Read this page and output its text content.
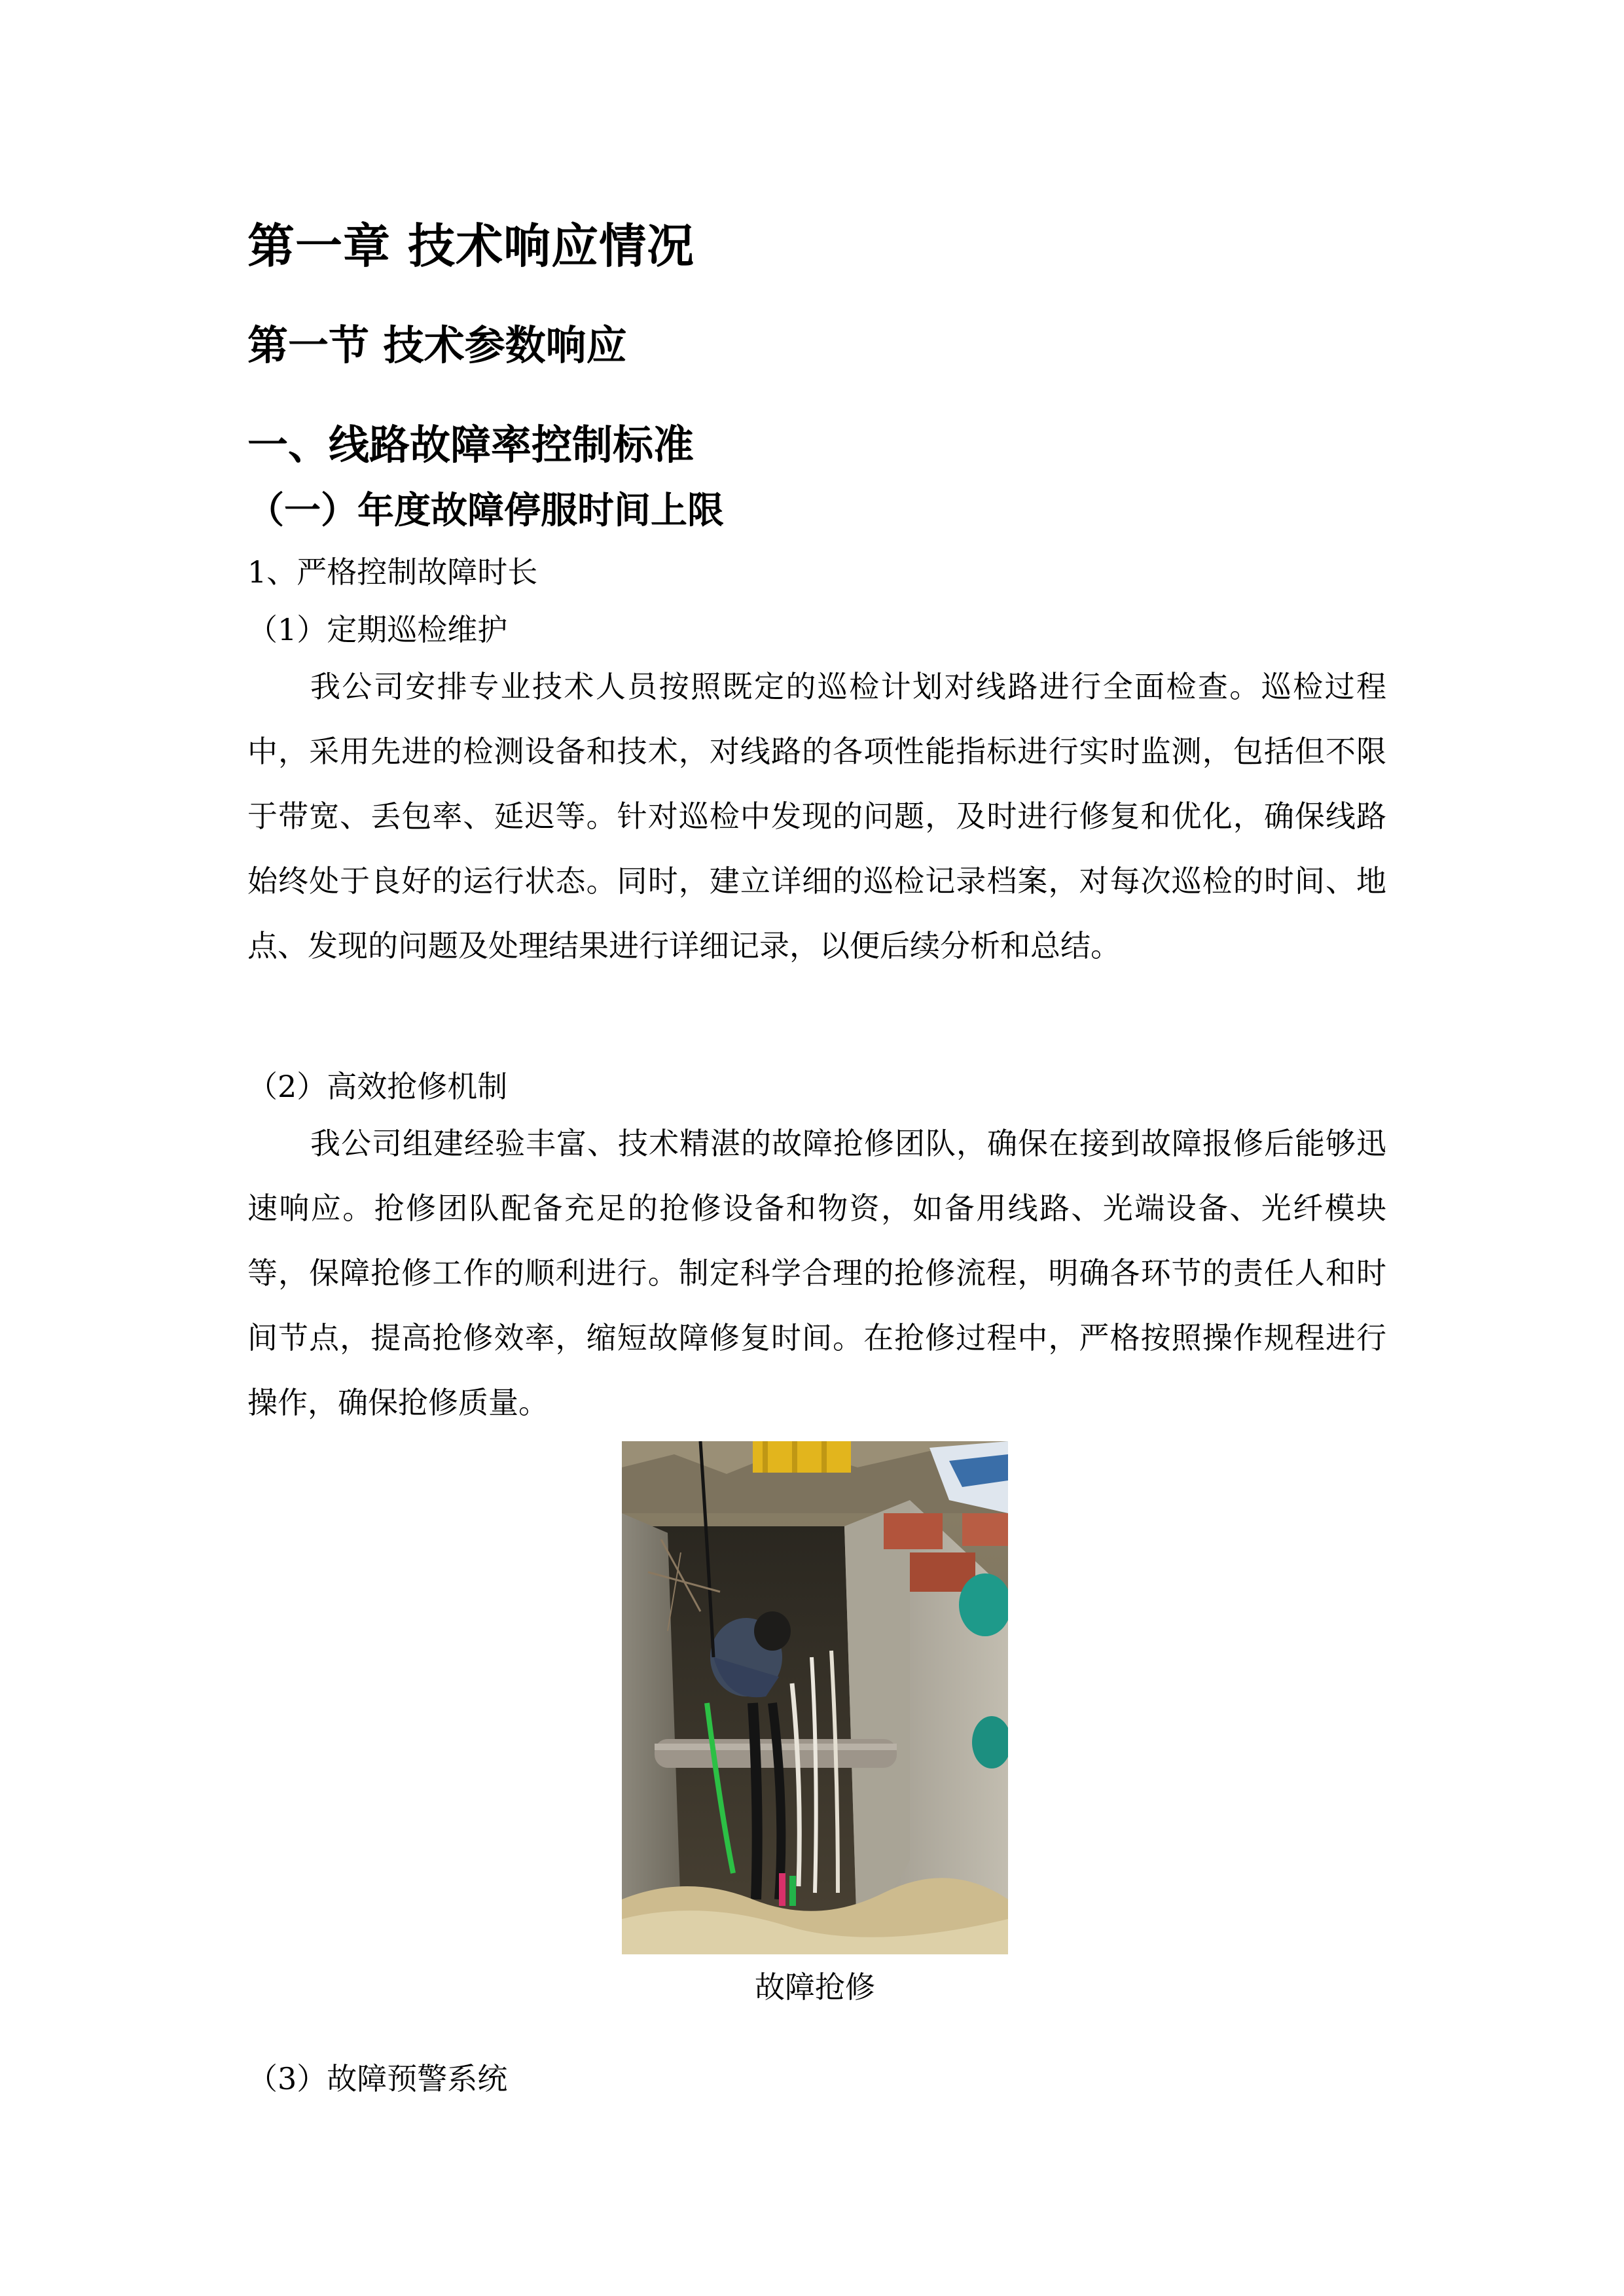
第一章 技术响应情况
第一节 技术参数响应
一、线路故障率控制标准
（一）年度故障停服时间上限

1、严格控制故障时长

（1）定期巡检维护

我公司安排专业技术人员按照既定的巡检计划对线路进行全面检查。巡检过程中，采用先进的检测设备和技术，对线路的各项性能指标进行实时监测，包括但不限于带宽、丢包率、延迟等。针对巡检中发现的问题，及时进行修复和优化，确保线路始终处于良好的运行状态。同时，建立详细的巡检记录档案，对每次巡检的时间、地点、发现的问题及处理结果进行详细记录，以便后续分析和总结。

（2）高效抢修机制

我公司组建经验丰富、技术精湛的故障抢修团队，确保在接到故障报修后能够迅速响应。抢修团队配备充足的抢修设备和物资，如备用线路、光端设备、光纤模块等，保障抢修工作的顺利进行。制定科学合理的抢修流程，明确各环节的责任人和时间节点，提高抢修效率，缩短故障修复时间。在抢修过程中，严格按照操作规程进行操作，确保抢修质量。

故障抢修

（3）故障预警系统
